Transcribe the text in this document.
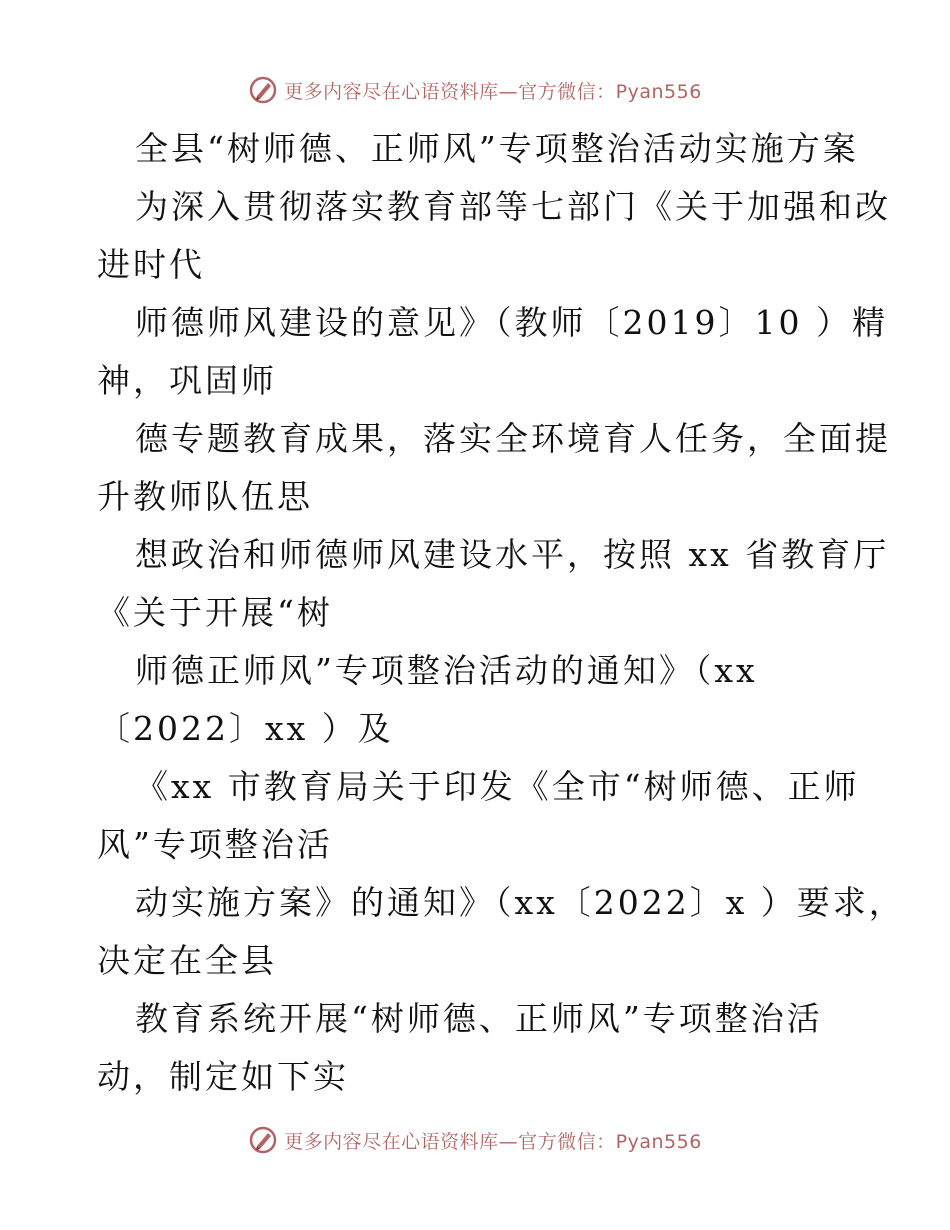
更多内容尽在心语资料库—官方微信：Pyan556
全县“树师德、正师风”专项整治活动实施方案
为深入贯彻落实教育部等七部门《关于加强和改
进时代
师德师风建设的意见》（教师〔2019〕10 ）精
神，巩固师
德专题教育成果，落实全环境育人任务，全面提
升教师队伍思
想政治和师德师风建设水平，按照 xx 省教育厅
《关于开展“树
师德正师风”专项整治活动的通知》（xx
〔2022〕xx ）及
《xx 市教育局关于印发《全市“树师德、正师
风”专项整治活
动实施方案》的通知》（xx〔2022〕x ）要求，
决定在全县
教育系统开展“树师德、正师风”专项整治活
动，制定如下实
更多内容尽在心语资料库—官方微信：Pyan556
